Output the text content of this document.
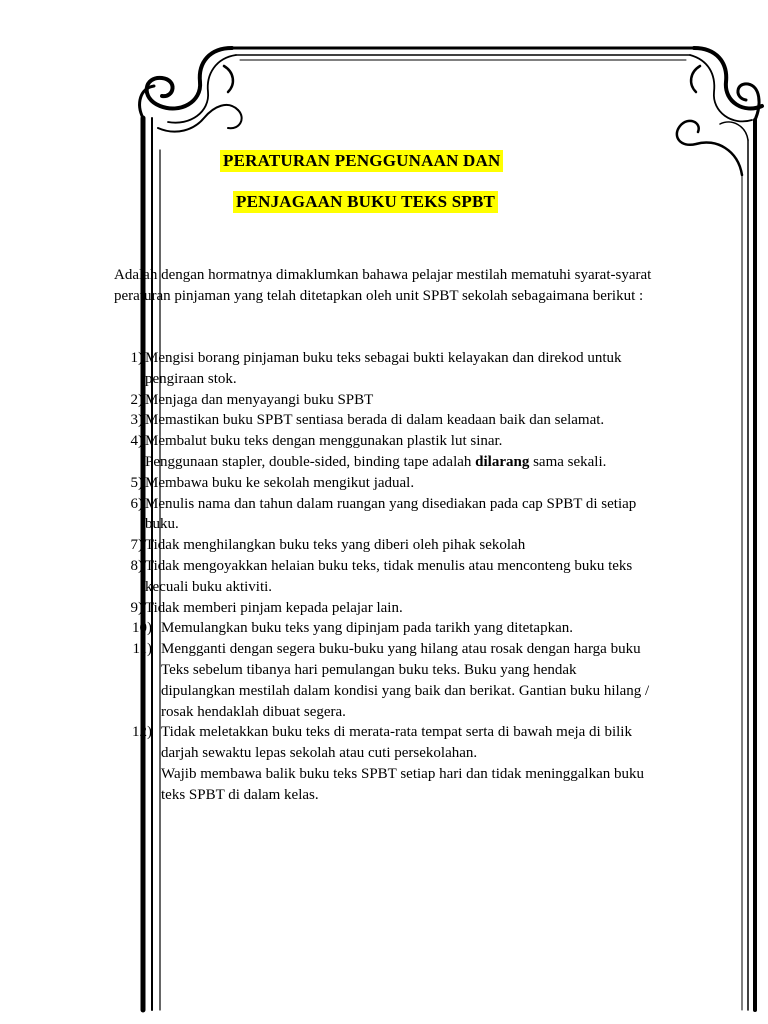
PERATURAN PENGGUNAAN DAN
PENJAGAAN BUKU TEKS SPBT

Adalah dengan hormatnya dimaklumkan bahawa pelajar mestilah mematuhi syarat-syarat peraturan pinjaman yang telah ditetapkan oleh unit SPBT sekolah sebagaimana berikut :

1) Mengisi borang pinjaman buku teks sebagai bukti kelayakan dan direkod untuk pengiraan stok.
2) Menjaga dan menyayangi buku SPBT
3) Memastikan buku SPBT sentiasa berada di dalam keadaan baik dan selamat.
4) Membalut buku teks dengan menggunakan plastik lut sinar.
Penggunaan stapler, double-sided, binding tape adalah dilarang sama sekali.
5) Membawa buku ke sekolah mengikut jadual.
6) Menulis nama dan tahun dalam ruangan yang disediakan pada cap SPBT di setiap buku.
7) Tidak menghilangkan buku teks yang diberi oleh pihak sekolah
8) Tidak mengoyakkan helaian buku teks, tidak menulis atau menconteng buku teks kecuali buku aktiviti.
9) Tidak memberi pinjam kepada pelajar lain.
10) Memulangkan buku teks yang dipinjam pada tarikh yang ditetapkan.
11) Mengganti dengan segera buku-buku yang hilang atau rosak dengan harga buku Teks sebelum tibanya hari pemulangan buku teks. Buku yang hendak dipulangkan mestilah dalam kondisi yang baik dan berikat. Gantian buku hilang / rosak hendaklah dibuat segera.
12) Tidak meletakkan buku teks di merata-rata tempat serta di bawah meja di bilik darjah sewaktu lepas sekolah atau cuti persekolahan.
Wajib membawa balik buku teks SPBT setiap hari dan tidak meninggalkan buku teks SPBT di dalam kelas.
